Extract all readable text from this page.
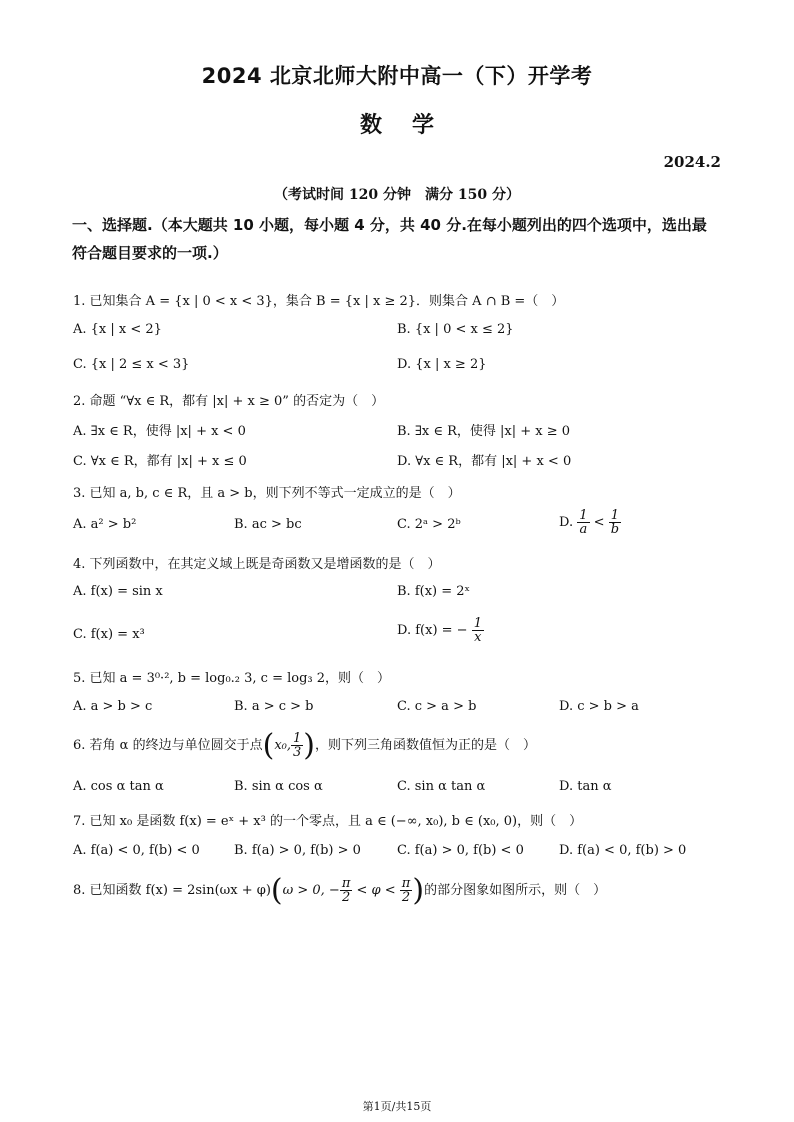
2024 北京北师大附中高一（下）开学考
数学
2024.2
（考试时间 120 分钟　满分 150 分）
一、选择题.（本大题共 10 小题，每小题 4 分，共 40 分.在每小题列出的四个选项中，选出最
符合题目要求的一项.）
1. 已知集合 A = {x | 0 < x < 3}，集合 B = {x | x ≥ 2}．则集合 A ∩ B =（　）
A. {x | x < 2}	B. {x | 0 < x ≤ 2}
C. {x | 2 ≤ x < 3}	D. {x | x ≥ 2}
2. 命题 “∀x ∈ R，都有 |x| + x ≥ 0” 的否定为（　）
A. ∃x ∈ R，使得 |x| + x < 0	B. ∃x ∈ R，使得 |x| + x ≥ 0
C. ∀x ∈ R，都有 |x| + x ≤ 0	D. ∀x ∈ R，都有 |x| + x < 0
3. 已知 a, b, c ∈ R，且 a > b，则下列不等式一定成立的是（　）
A. a² > b²	B. ac > bc	C. 2ᵃ > 2ᵇ	D. $\frac{1}{a} < \frac{1}{b}$
4. 下列函数中，在其定义域上既是奇函数又是增函数的是（　）
A. f(x) = sin x	B. f(x) = 2ˣ
C. f(x) = x³	D. f(x) = − $\frac{1}{x}$
5. 已知 a = 3⁰·², b = log₀.₂ 3, c = log₃ 2，则（　）
A. a > b > c	B. a > c > b	C. c > a > b	D. c > b > a
6. 若角 α 的终边与单位圆交于点(x₀, $\frac{1}{3}$ )，则下列三角函数值恒为正的是（　）
A. cos α tan α	B. sin α cos α	C. sin α tan α	D. tan α
7. 已知 x₀ 是函数 f(x) = eˣ + x³ 的一个零点，且 a ∈ (−∞, x₀), b ∈ (x₀, 0)，则（　）
A. f(a) < 0, f(b) < 0	B. f(a) > 0, f(b) > 0	C. f(a) > 0, f(b) < 0	D. f(a) < 0, f(b) > 0
8. 已知函数 f(x) = 2sin(ωx + φ)(ω > 0, − $\frac{\pi}{2} < \varphi < \frac{\pi}{2}$ )的部分图象如图所示，则（　）
第1页/共15页
